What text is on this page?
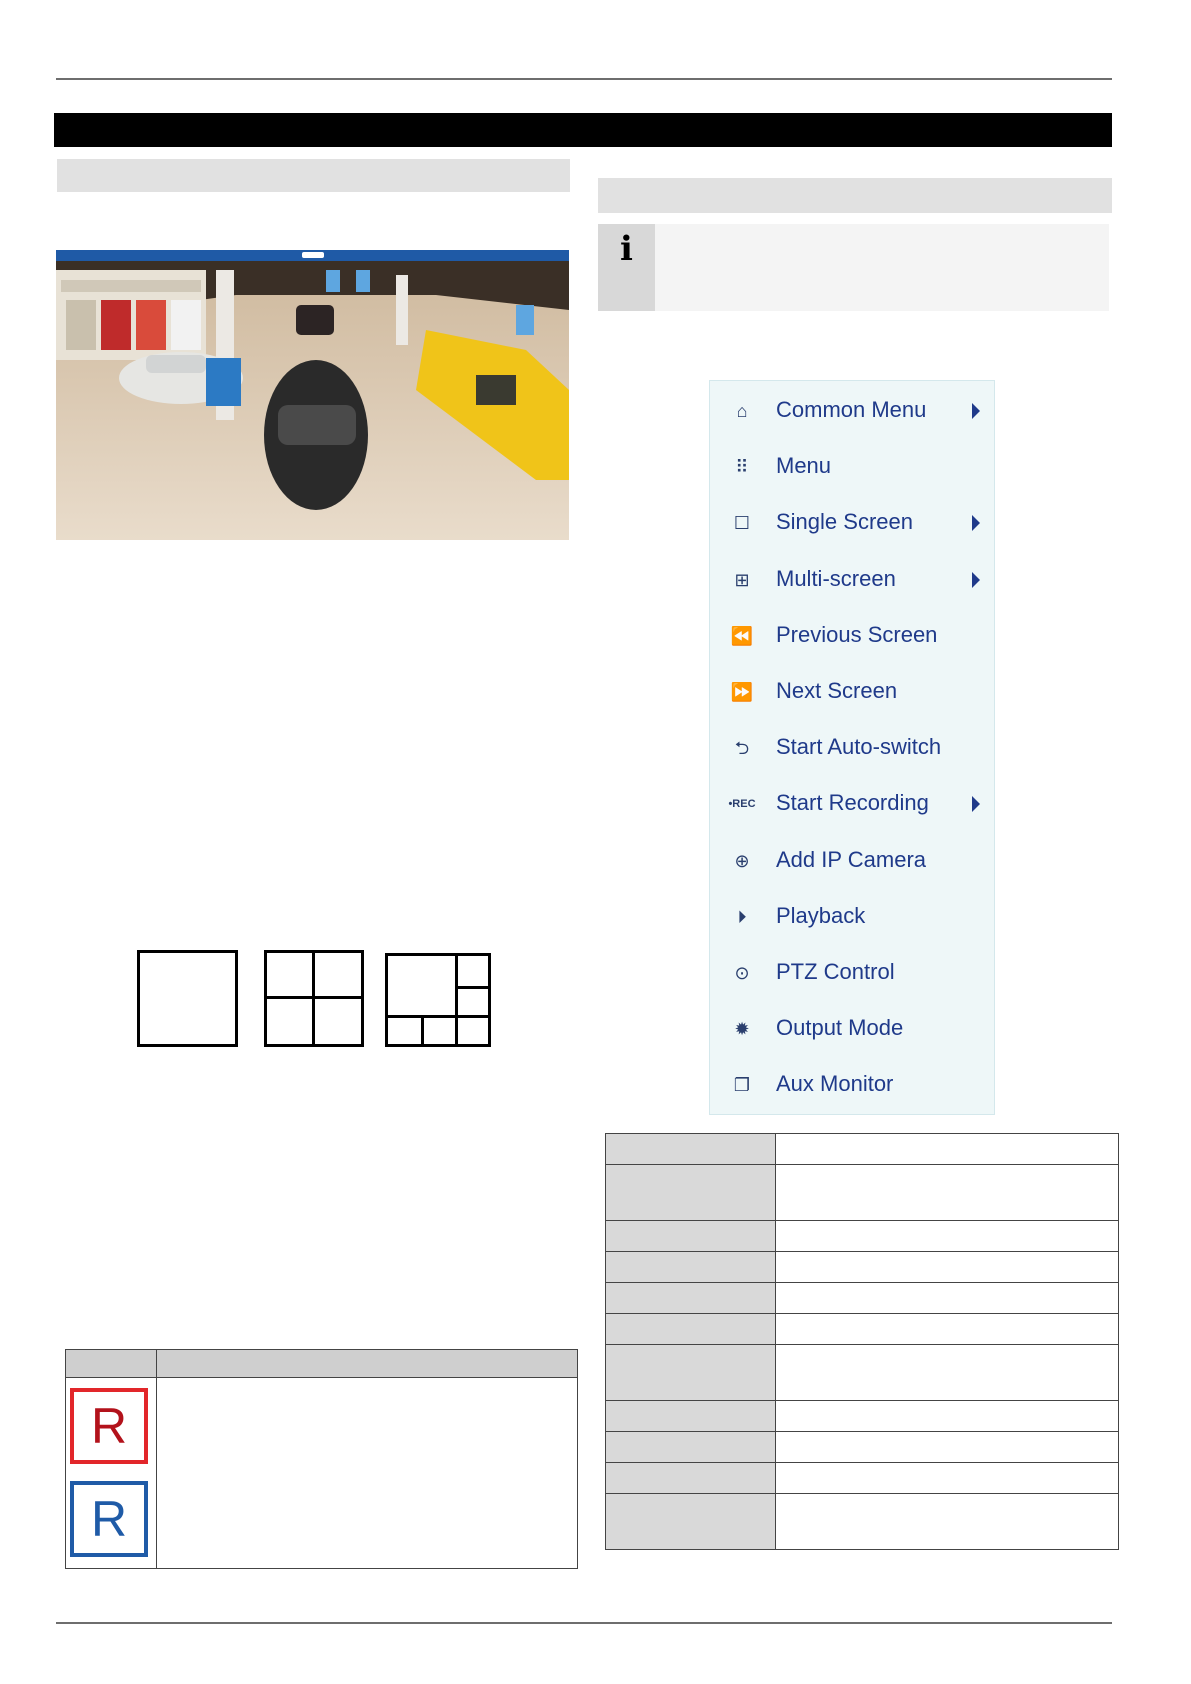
i
⌂ Common Menu
⠿ Menu
☐ Single Screen
⊞ Multi-screen
⏪ Previous Screen
⏩ Next Screen
⮌ Start Auto-switch
•REC Start Recording
⊕ Add IP Camera
⏵	Playback
⊙ PTZ Control
✹ Output Mode
❐ Aux Monitor

R
R
